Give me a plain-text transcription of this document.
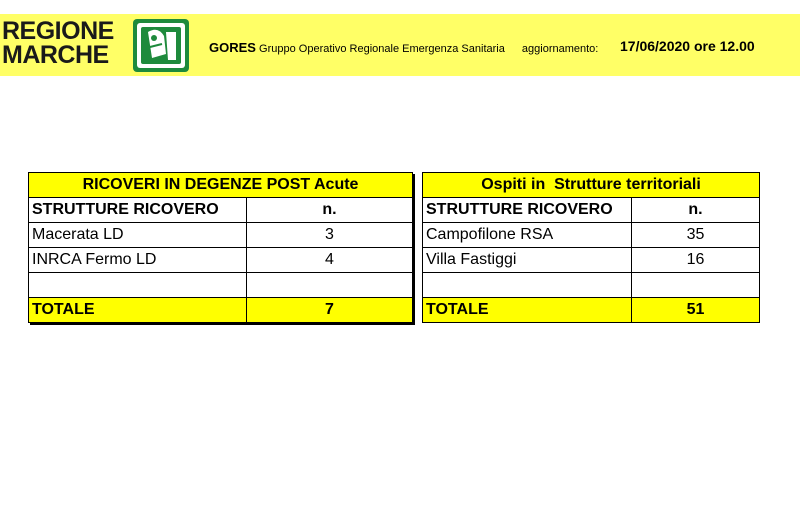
REGIONE
MARCHE	GORES Gruppo Operativo Regionale Emergenza Sanitaria aggiornamento: 17/06/2020 ore 12.00
RICOVERI IN DEGENZE POST Acute	
STRUTTURE RICOVERO	n.
Macerata LD	3
INRCA Fermo LD	4

TOTALE	7
Ospiti in  Strutture territoriali	
STRUTTURE RICOVERO	n.
Campofilone RSA	35
Villa Fastiggi	16

TOTALE	51
